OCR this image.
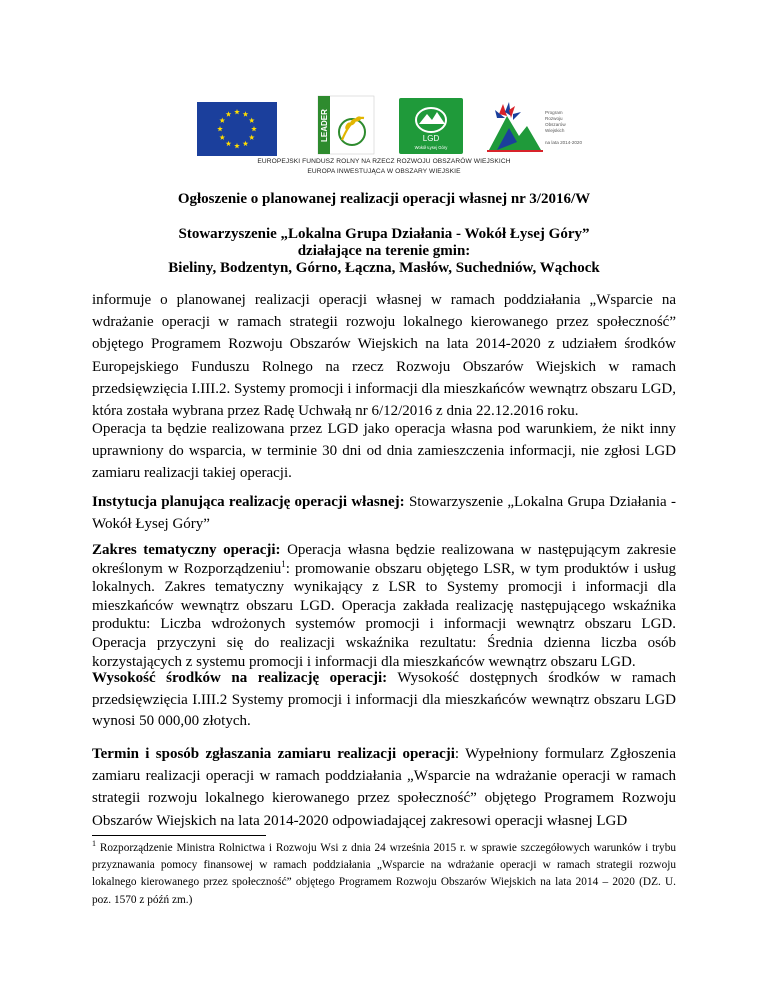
LEADER	LGD
Wokół Łysej Góry
Program Rozwoju Obszarów Wiejskich na lata 2014-2020
EUROPEJSKI FUNDUSZ ROLNY NA RZECZ ROZWOJU OBSZARÓW WIEJSKICH
EUROPA INWESTUJĄCA W OBSZARY WIEJSKIE
Ogłoszenie o planowanej realizacji operacji własnej nr 3/2016/W
Stowarzyszenie „Lokalna Grupa Działania - Wokół Łysej Góry”
działające na terenie gmin:
Bieliny, Bodzentyn, Górno, Łączna, Masłów, Suchedniów, Wąchock

informuje o planowanej realizacji operacji własnej w ramach poddziałania „Wsparcie na wdrażanie operacji w ramach strategii rozwoju lokalnego kierowanego przez społeczność” objętego Programem Rozwoju Obszarów Wiejskich na lata 2014-2020 z udziałem środków Europejskiego Funduszu Rolnego na rzecz Rozwoju Obszarów Wiejskich w ramach przedsięwzięcia I.III.2. Systemy promocji i informacji dla mieszkańców wewnątrz obszaru LGD, która została wybrana przez Radę Uchwałą nr 6/12/2016 z dnia 22.12.2016 roku.

Operacja ta będzie realizowana przez LGD jako operacja własna pod warunkiem, że nikt inny uprawniony do wsparcia, w terminie 30 dni od dnia zamieszczenia informacji, nie zgłosi LGD zamiaru realizacji takiej operacji.

Instytucja planująca realizację operacji własnej: Stowarzyszenie „Lokalna Grupa Działania - Wokół Łysej Góry”

Zakres tematyczny operacji: Operacja własna będzie realizowana w następującym zakresie określonym w Rozporządzeniu$^1$: promowanie obszaru objętego LSR, w tym produktów i usług lokalnych. Zakres tematyczny wynikający z LSR to Systemy promocji i informacji dla mieszkańców wewnątrz obszaru LGD. Operacja zakłada realizację następującego wskaźnika produktu: Liczba wdrożonych systemów promocji i informacji wewnątrz obszaru LGD. Operacja przyczyni się do realizacji wskaźnika rezultatu: Średnia dzienna liczba osób korzystających z systemu promocji i informacji dla mieszkańców wewnątrz obszaru LGD.

Wysokość środków na realizację operacji: Wysokość dostępnych środków w ramach przedsięwzięcia I.III.2 Systemy promocji i informacji dla mieszkańców wewnątrz obszaru LGD wynosi 50 000,00 złotych.

Termin i sposób zgłaszania zamiaru realizacji operacji: Wypełniony formularz Zgłoszenia zamiaru realizacji operacji w ramach poddziałania „Wsparcie na wdrażanie operacji w ramach strategii rozwoju lokalnego kierowanego przez społeczność” objętego Programem Rozwoju Obszarów Wiejskich na lata 2014-2020 odpowiadającej zakresowi operacji własnej LGD

$^1$ Rozporządzenie Ministra Rolnictwa i Rozwoju Wsi z dnia 24 września 2015 r. w sprawie szczegółowych warunków i trybu przyznawania pomocy finansowej w ramach poddziałania „Wsparcie na wdrażanie operacji w ramach strategii rozwoju lokalnego kierowanego przez społeczność” objętego Programem Rozwoju Obszarów Wiejskich na lata 2014 – 2020 (DZ. U. poz. 1570 z późń zm.)
